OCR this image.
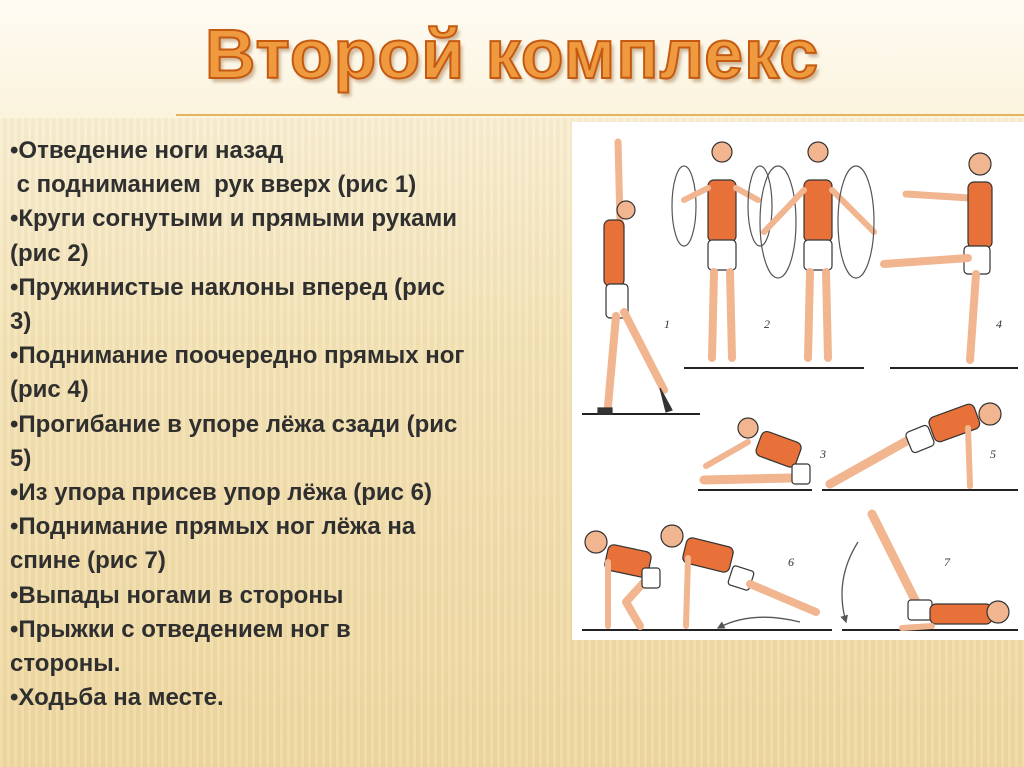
Второй комплекс
•Отведение ноги назад
с подниманием  рук вверх (рис 1)
•Круги согнутыми и прямыми руками
(рис 2)
•Пружинистые наклоны вперед (рис
3)
•Поднимание поочередно прямых ног
(рис 4)
•Прогибание в упоре лёжа сзади (рис
5)
•Из упора присев упор лёжа (рис 6)
•Поднимание прямых ног лёжа на
спине (рис 7)
•Выпады ногами в стороны
•Прыжки с отведением ног в
стороны.
•Ходьба на месте.
1	2
3
4
5
6	7
